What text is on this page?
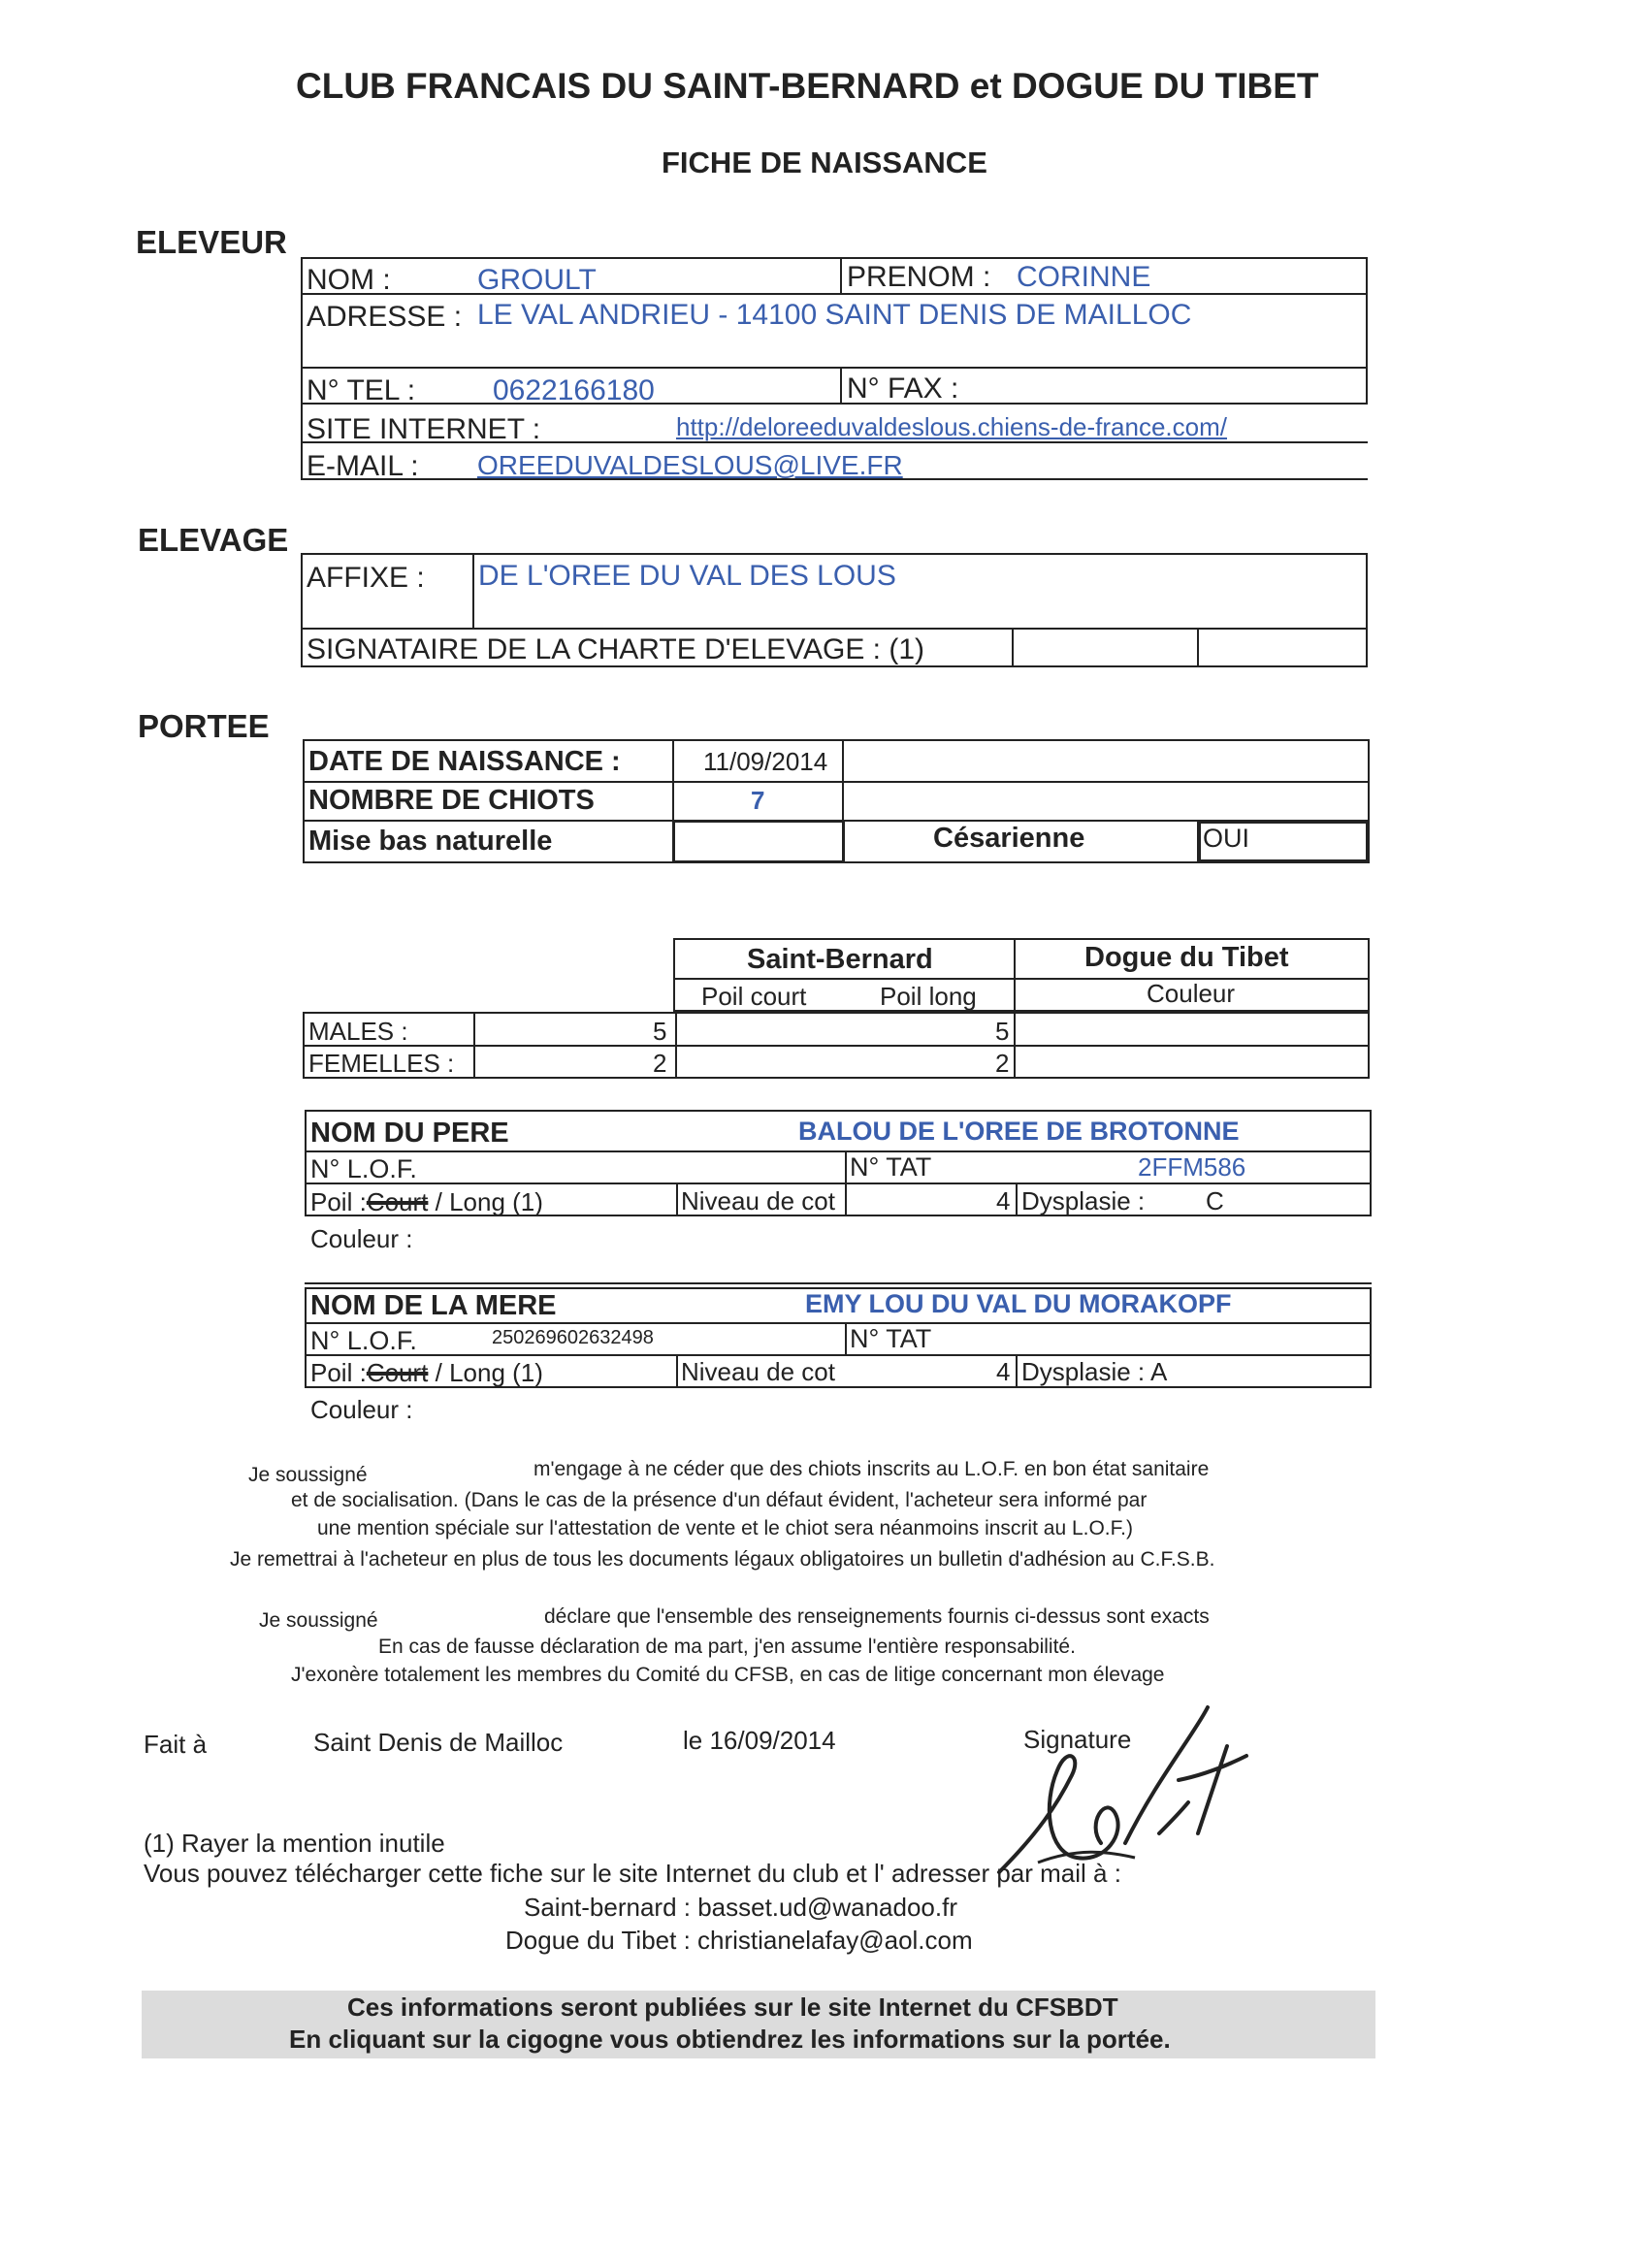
CLUB FRANCAIS DU SAINT-BERNARD et DOGUE DU TIBET
FICHE DE NAISSANCE
ELEVEUR
NOM :	GROULT	PRENOM : CORINNE
ADRESSE : LE VAL ANDRIEU - 14100 SAINT DENIS DE MAILLOC
N° TEL :	0622166180	N° FAX :
SITE INTERNET :	http://deloreeduvaldeslous.chiens-de-france.com/
E-MAIL : OREEDUVALDESLOUS@LIVE.FR
ELEVAGE
AFFIXE : DE L'OREE DU VAL DES LOUS
SIGNATAIRE DE LA CHARTE D'ELEVAGE : (1)
PORTEE
DATE DE NAISSANCE :	11/09/2014
NOMBRE DE CHIOTS	7
Mise bas naturelle	Césarienne	OUI
Saint-Bernard	Dogue du Tibet
Poil court	Poil long	Couleur
MALES :	5	5
FEMELLES :	2	2
NOM DU PERE	BALOU DE L'OREE DE BROTONNE
N° L.O.F.	N° TAT	2FFM586
Poil :Court / Long (1)	Niveau de cot	4 Dysplasie : C
Couleur :
NOM DE LA MERE	EMY LOU DU VAL DU MORAKOPF
N° L.O.F.	250269602632498	N° TAT
Poil :Court / Long (1)	Niveau de cot	4 Dysplasie : A
Couleur :
Je soussigné	m'engage à ne céder que des chiots inscrits au L.O.F. en bon état sanitaire
et de socialisation. (Dans le cas de la présence d'un défaut évident, l'acheteur sera informé par
une mention spéciale sur l'attestation de vente et le chiot sera néanmoins inscrit au L.O.F.)
Je remettrai à l'acheteur en plus de tous les documents légaux obligatoires un bulletin d'adhésion au C.F.S.B.
Je soussigné	déclare que l'ensemble des renseignements fournis ci-dessus sont exacts
En cas de fausse déclaration de ma part, j'en assume l'entière responsabilité.
J'exonère totalement les membres du Comité du CFSB, en cas de litige concernant mon élevage
Fait à	Saint Denis de Mailloc	le 16/09/2014	Signature
(1) Rayer la mention inutile
Vous pouvez télécharger cette fiche sur le site Internet du club et l' adresser par mail à :
Saint-bernard : basset.ud@wanadoo.fr
Dogue du Tibet : christianelafay@aol.com
Ces informations seront publiées sur le site Internet du CFSBDT
En cliquant sur la cigogne vous obtiendrez les informations sur la portée.
